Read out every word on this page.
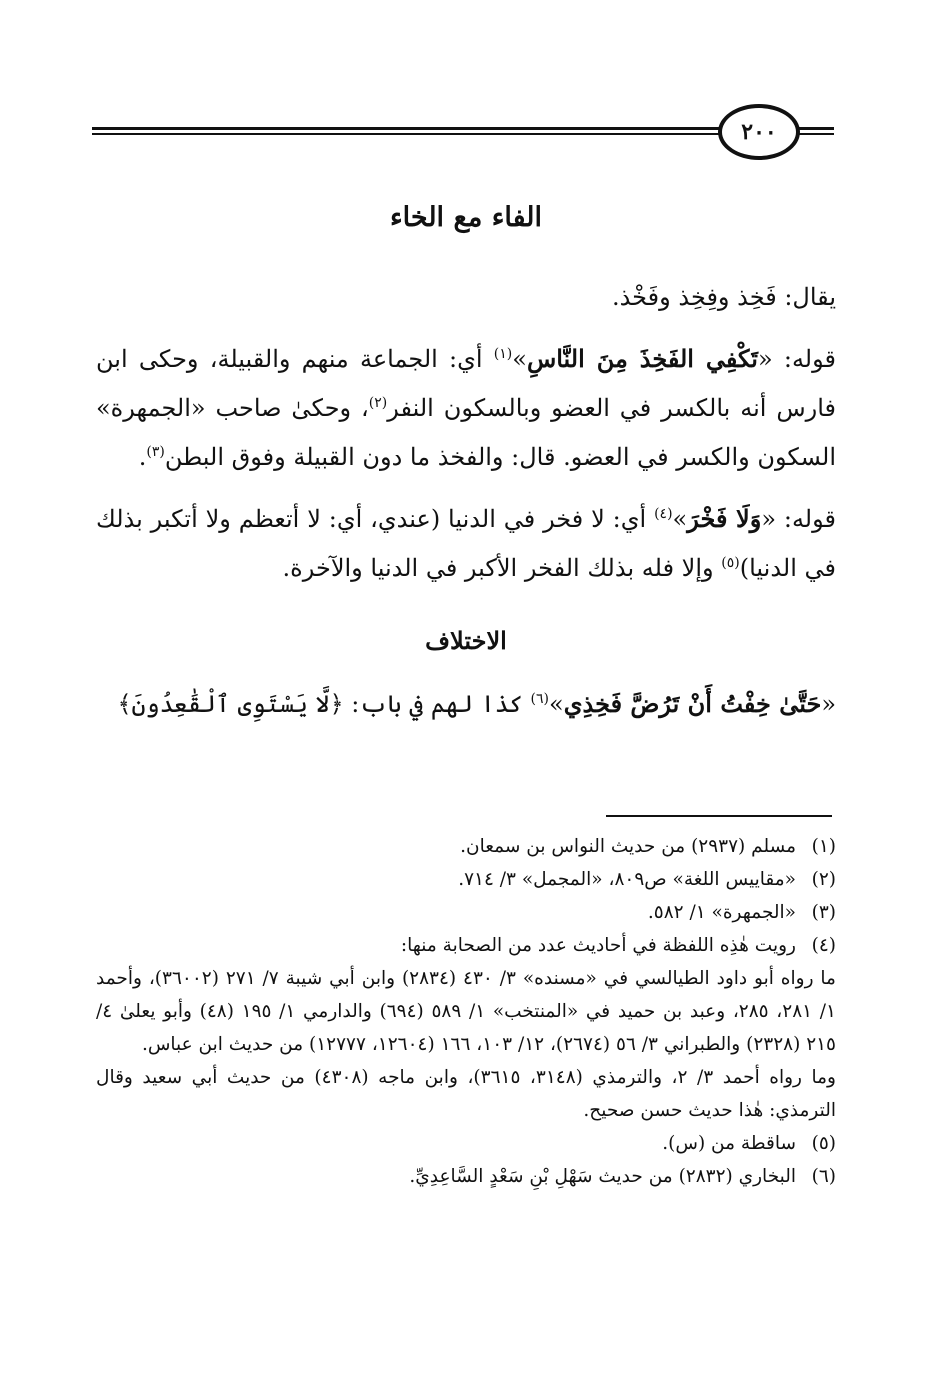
٢٠٠
الفاء مع الخاء

يقال: فَخِذ وفِخِذ وفَخْذ.

قوله: «تَكْفِي الفَخِذَ مِنَ النَّاسِ»$^{(١)}$ أي: الجماعة منهم والقبيلة، وحكى ابن فارس أنه بالكسر في العضو وبالسكون النفر$^{(٢)}$، وحكىٰ صاحب «الجمهرة» السكون والكسر في العضو. قال: والفخذ ما دون القبيلة وفوق البطن$^{(٣)}$.

قوله: «وَلَا فَخْرَ»$^{(٤)}$ أي: لا فخر في الدنيا (عندي، أي: لا أتعظم ولا أتكبر بذلك في الدنيا)$^{(٥)}$ وإلا فله بذلك الفخر الأكبر في الدنيا والآخرة.

الاختلاف

«حَتَّىٰ خِفْتُ أَنْ تَرُضَّ فَخِذِي»$^{(٦)}$ كذا لهم في باب: ﴿لَّا يَسْتَوِى ٱلْقَٰعِدُونَ﴾

(١)
مسلم (٢٩٣٧) من حديث النواس بن سمعان.
(٢)
«مقاييس اللغة» ص٨٠٩، «المجمل» ٣/ ٧١٤.
(٣)
«الجمهرة» ١/ ٥٨٢.
(٤)
رويت هٰذِه اللفظة في أحاديث عدد من الصحابة منها:
ما رواه أبو داود الطيالسي في «مسنده» ٣/ ٤٣٠ (٢٨٣٤) وابن أبي شيبة ٧/ ٢٧١ (٣٦٠٠٢)، وأحمد ١/ ٢٨١، ٢٨٥، وعبد بن حميد في «المنتخب» ١/ ٥٨٩ (٦٩٤) والدارمي ١/ ١٩٥ (٤٨) وأبو يعلىٰ ٤/ ٢١٥ (٢٣٢٨) والطبراني ٣/ ٥٦ (٢٦٧٤)، ١٢/ ١٠٣، ١٦٦ (١٢٦٠٤، ١٢٧٧٧) من حديث ابن عباس.
وما رواه أحمد ٣/ ٢، والترمذي (٣١٤٨، ٣٦١٥)، وابن ماجه (٤٣٠٨) من حديث أبي سعيد وقال الترمذي: هٰذا حديث حسن صحيح.
(٥)
ساقطة من (س).
(٦)
البخاري (٢٨٣٢) من حديث سَهْلِ بْنِ سَعْدٍ السَّاعِدِيِّ.
